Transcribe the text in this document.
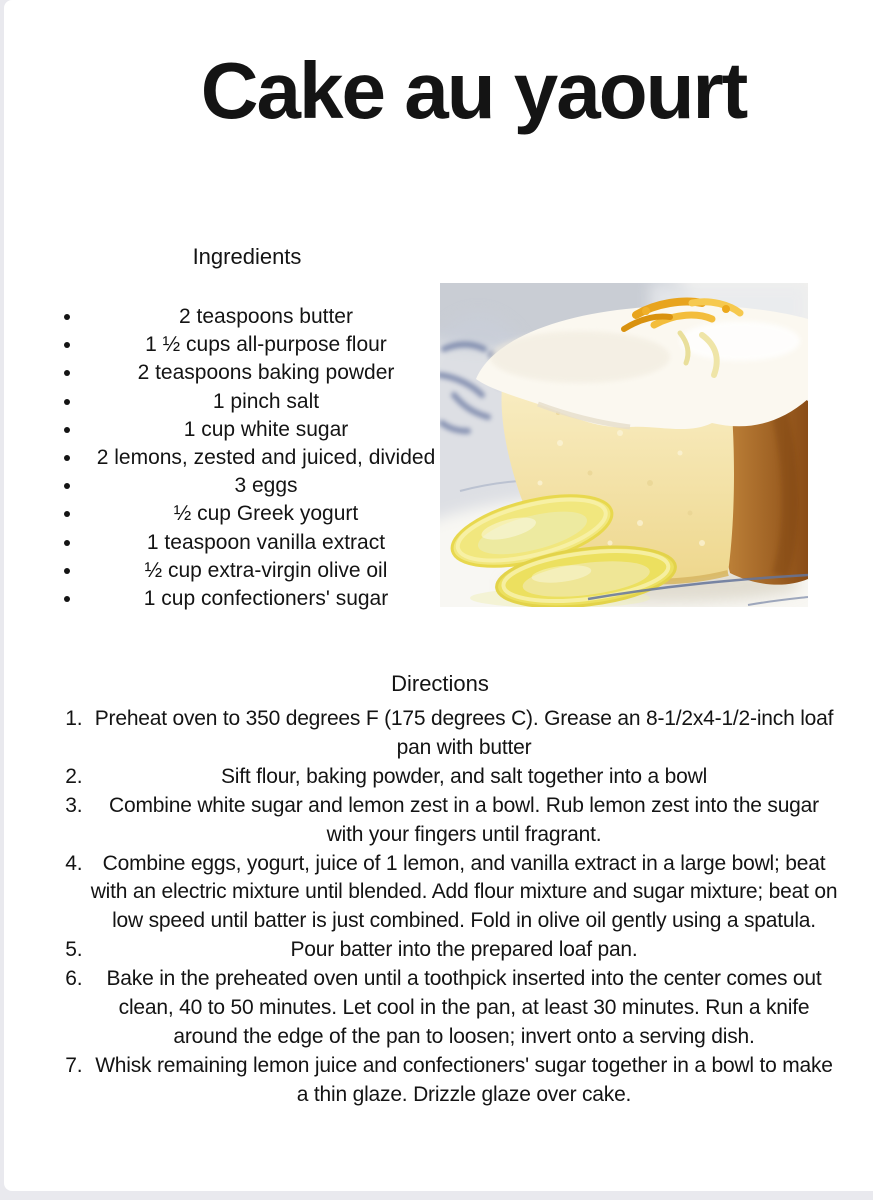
Cake au yaourt
Ingredients
• 2 teaspoons butter
• 1 ½ cups all-purpose flour
• 2 teaspoons baking powder
• 1 pinch salt
• 1 cup white sugar
• 2 lemons, zested and juiced, divided
• 3 eggs
• ½ cup Greek yogurt
• 1 teaspoon vanilla extract
• ½ cup extra-virgin olive oil
• 1 cup confectioners' sugar
Directions
1. Preheat oven to 350 degrees F (175 degrees C). Grease an 8-1/2x4-1/2-inch loaf pan with butter
2. Sift flour, baking powder, and salt together into a bowl
3. Combine white sugar and lemon zest in a bowl. Rub lemon zest into the sugar with your fingers until fragrant.
4. Combine eggs, yogurt, juice of 1 lemon, and vanilla extract in a large bowl; beat with an electric mixture until blended. Add flour mixture and sugar mixture; beat on low speed until batter is just combined. Fold in olive oil gently using a spatula.
5. Pour batter into the prepared loaf pan.
6. Bake in the preheated oven until a toothpick inserted into the center comes out clean, 40 to 50 minutes. Let cool in the pan, at least 30 minutes. Run a knife around the edge of the pan to loosen; invert onto a serving dish.
7. Whisk remaining lemon juice and confectioners' sugar together in a bowl to make a thin glaze. Drizzle glaze over cake.
